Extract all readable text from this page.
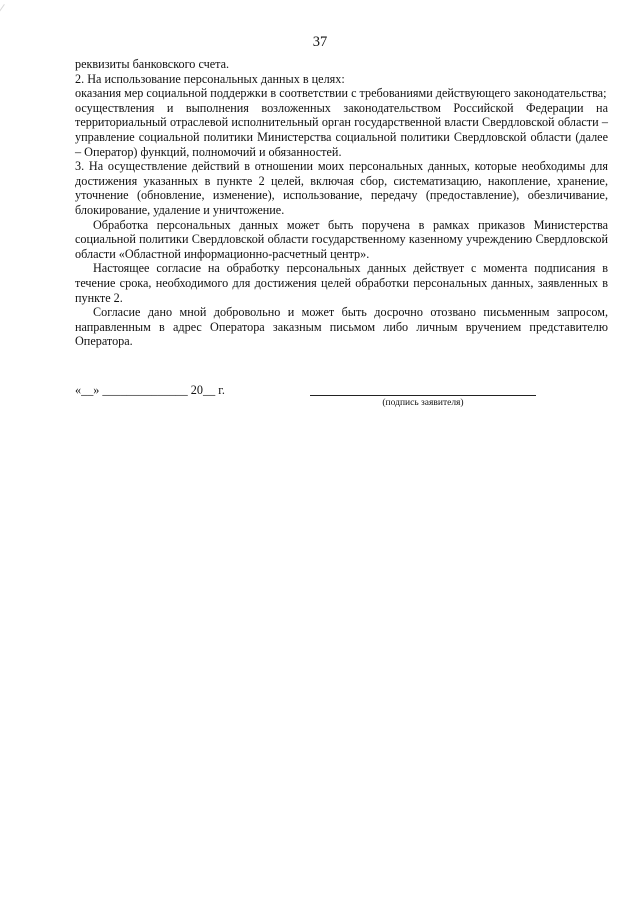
37

реквизиты банковского счета.

2. На использование персональных данных в целях:

оказания мер социальной поддержки в соответствии с требованиями действующего законодательства;

осуществления и выполнения возложенных законодательством Российской Федерации на территориальный отраслевой исполнительный орган государственной власти Свердловской области – управление социальной политики Министерства социальной политики Свердловской области (далее – Оператор) функций, полномочий и обязанностей.

3. На осуществление действий в отношении моих персональных данных, которые необходимы для достижения указанных в пункте 2 целей, включая сбор, систематизацию, накопление, хранение, уточнение (обновление, изменение), использование, передачу (предоставление), обезличивание, блокирование, удаление и уничтожение.

Обработка персональных данных может быть поручена в рамках приказов Министерства социальной политики Свердловской области государственному казенному учреждению Свердловской области «Областной информационно-расчетный центр».

Настоящее согласие на обработку персональных данных действует с момента подписания в течение срока, необходимого для достижения целей обработки персональных данных, заявленных в пункте 2.

Согласие дано мной добровольно и может быть досрочно отозвано письменным запросом, направленным в адрес Оператора заказным письмом либо личным вручением представителю Оператора.

«__» ______________ 20__ г.
(подпись заявителя)
